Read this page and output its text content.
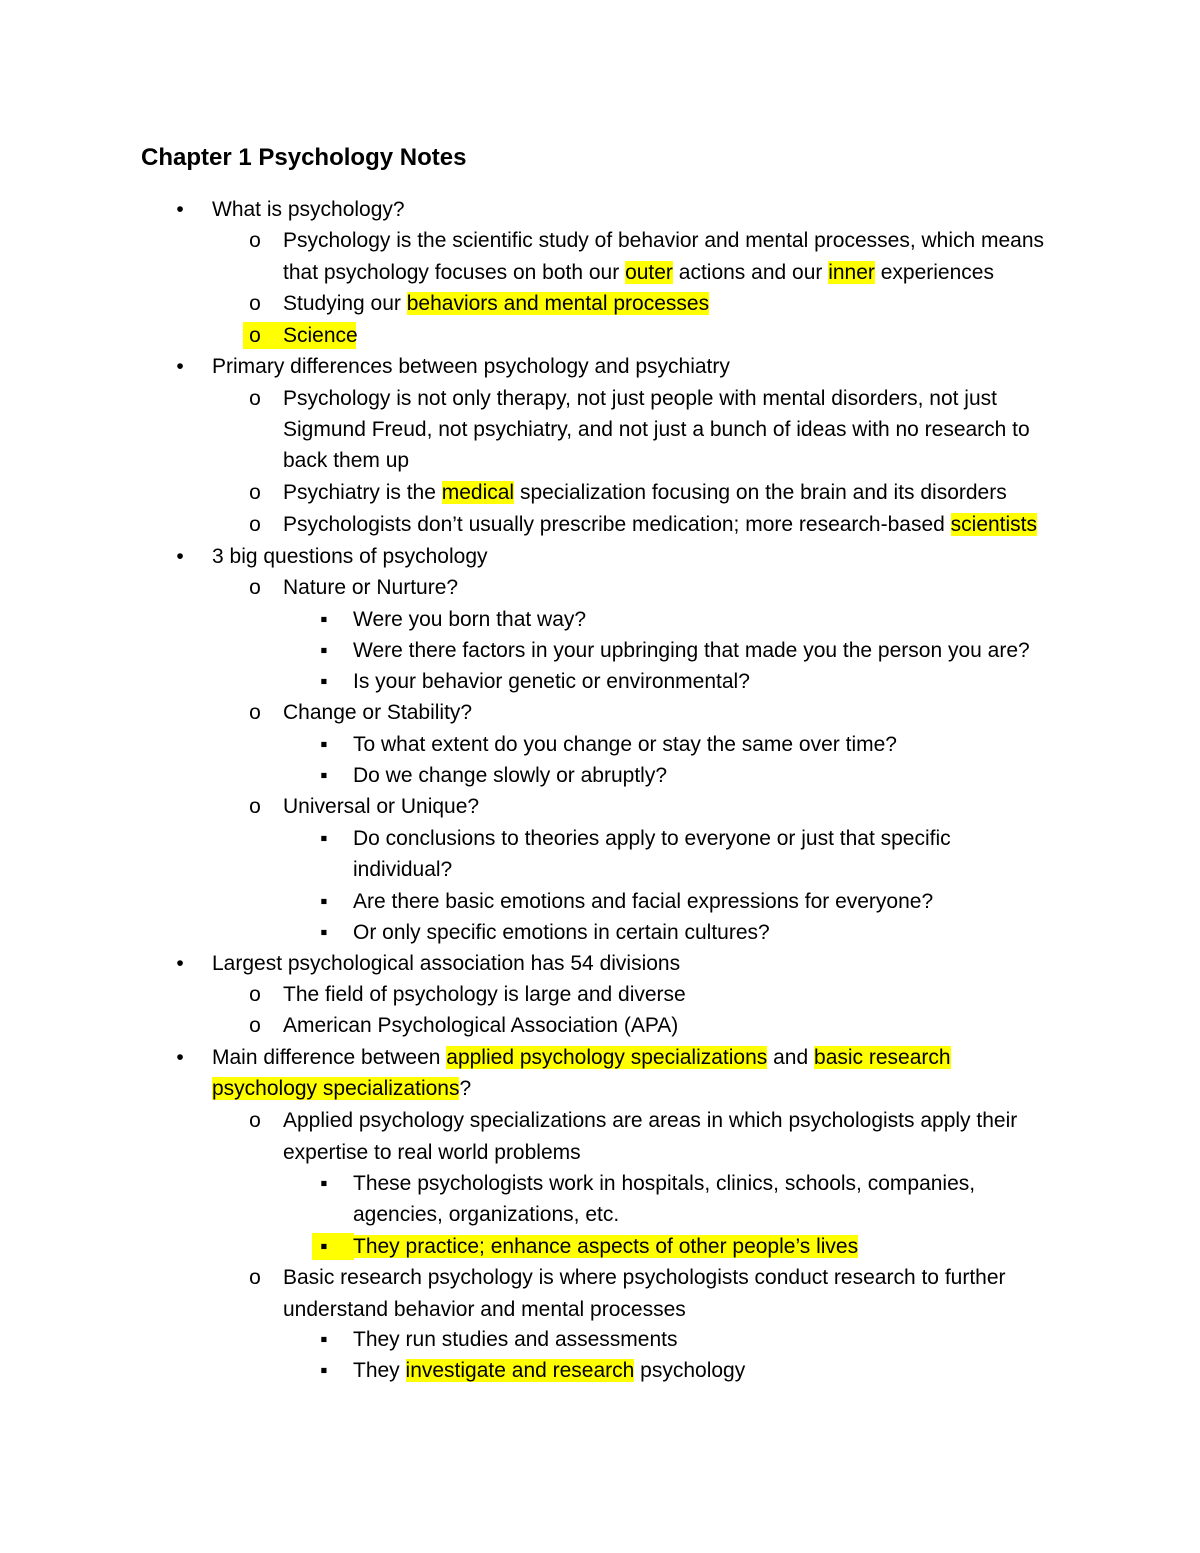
Chapter 1 Psychology Notes
•	What is psychology?
o Psychology is the scientific study of behavior and mental processes, which means
that psychology focuses on both our outer actions and our inner experiences
o Studying our behaviors and mental processes
o Science
•	Primary differences between psychology and psychiatry
o Psychology is not only therapy, not just people with mental disorders, not just
Sigmund Freud, not psychiatry, and not just a bunch of ideas with no research to
back them up
o Psychiatry is the medical specialization focusing on the brain and its disorders
o Psychologists don’t usually prescribe medication; more research-based scientists
•	3 big questions of psychology
o Nature or Nurture?
▪	Were you born that way?
▪	Were there factors in your upbringing that made you the person you are?
▪	Is your behavior genetic or environmental?
o Change or Stability?
▪	To what extent do you change or stay the same over time?
▪	Do we change slowly or abruptly?
o Universal or Unique?
▪	Do conclusions to theories apply to everyone or just that specific
individual?
▪	Are there basic emotions and facial expressions for everyone?
▪	Or only specific emotions in certain cultures?
•	Largest psychological association has 54 divisions
o The field of psychology is large and diverse
o American Psychological Association (APA)
•	Main difference between applied psychology specializations and basic research
psychology specializations?
o Applied psychology specializations are areas in which psychologists apply their
expertise to real world problems
▪	These psychologists work in hospitals, clinics, schools, companies,
agencies, organizations, etc.
▪	They practice; enhance aspects of other people’s lives
o Basic research psychology is where psychologists conduct research to further
understand behavior and mental processes
▪	They run studies and assessments
▪	They investigate and research psychology
